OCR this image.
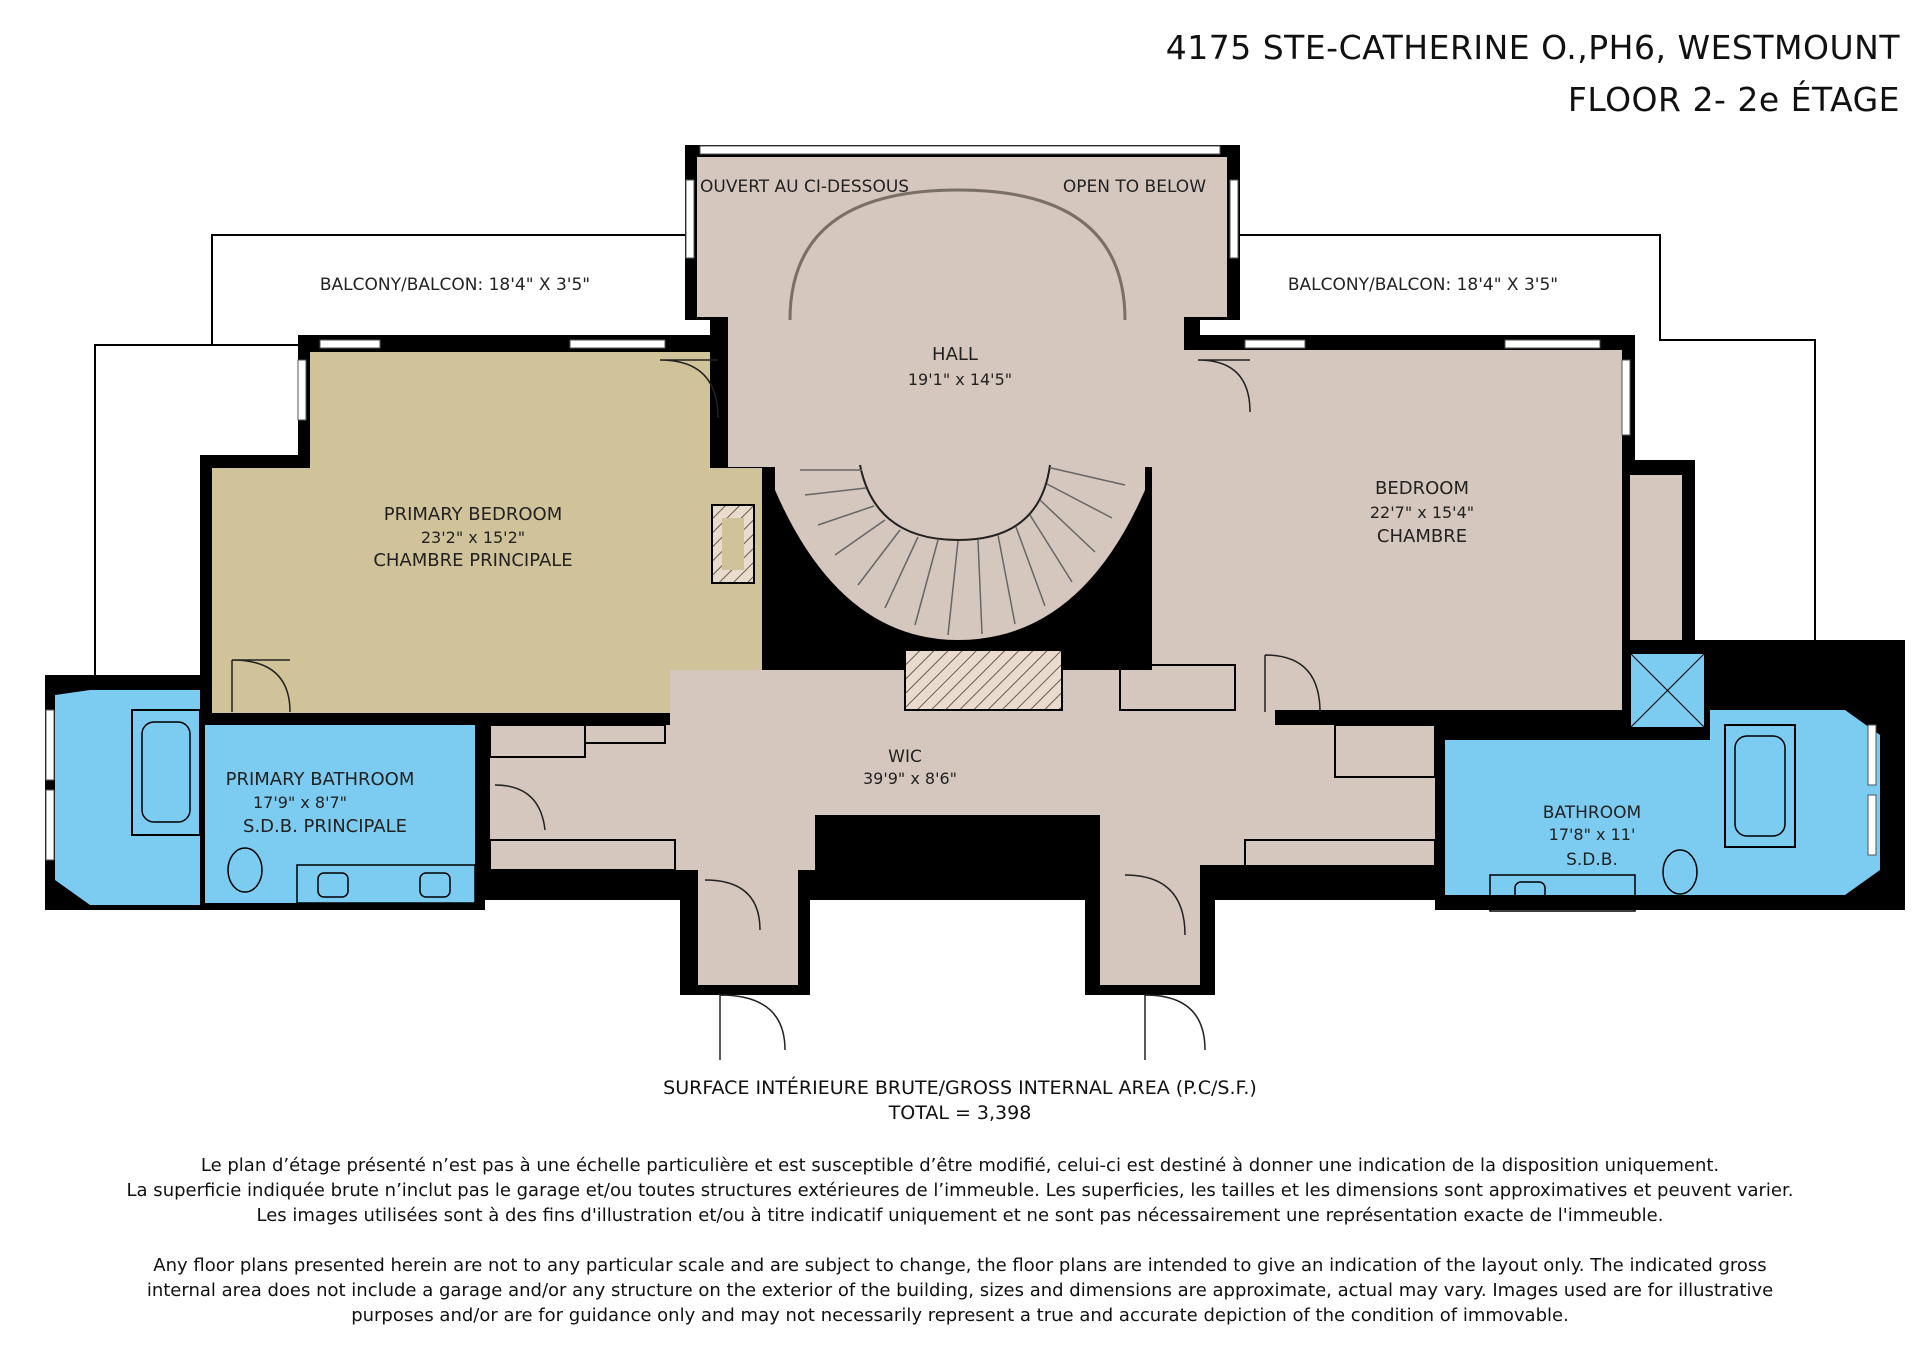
4175 STE-CATHERINE O.,PH6, WESTMOUNT
FLOOR 2- 2e ÉTAGE
OUVERT AU CI-DESSOUS	OPEN TO BELOW
BALCONY/BALCON: 18'4" X 3'5"	BALCONY/BALCON: 18'4" X 3'5"
HALL
19'1" x 14'5"
PRIMARY BEDROOM
23'2" x 15'2"
CHAMBRE PRINCIPALE
BEDROOM
22'7" x 15'4"
CHAMBRE
WIC
39'9" x 8'6"
PRIMARY BATHROOM
17'9" x 8'7"
S.D.B. PRINCIPALE
BATHROOM
17'8" x 11'
S.D.B.
SURFACE INTÉRIEURE BRUTE/GROSS INTERNAL AREA (P.C/S.F.)
TOTAL = 3,398
Le plan d’étage présenté n’est pas à une échelle particulière et est susceptible d’être modifié, celui-ci est destiné à donner une indication de la disposition uniquement.
La superficie indiquée brute n’inclut pas le garage et/ou toutes structures extérieures de l’immeuble. Les superficies, les tailles et les dimensions sont approximatives et peuvent varier.
Les images utilisées sont à des fins d'illustration et/ou à titre indicatif uniquement et ne sont pas nécessairement une représentation exacte de l'immeuble.
Any floor plans presented herein are not to any particular scale and are subject to change, the floor plans are intended to give an indication of the layout only. The indicated gross
internal area does not include a garage and/or any structure on the exterior of the building, sizes and dimensions are approximate, actual may vary. Images used are for illustrative
purposes and/or are for guidance only and may not necessarily represent a true and accurate depiction of the condition of immovable.
